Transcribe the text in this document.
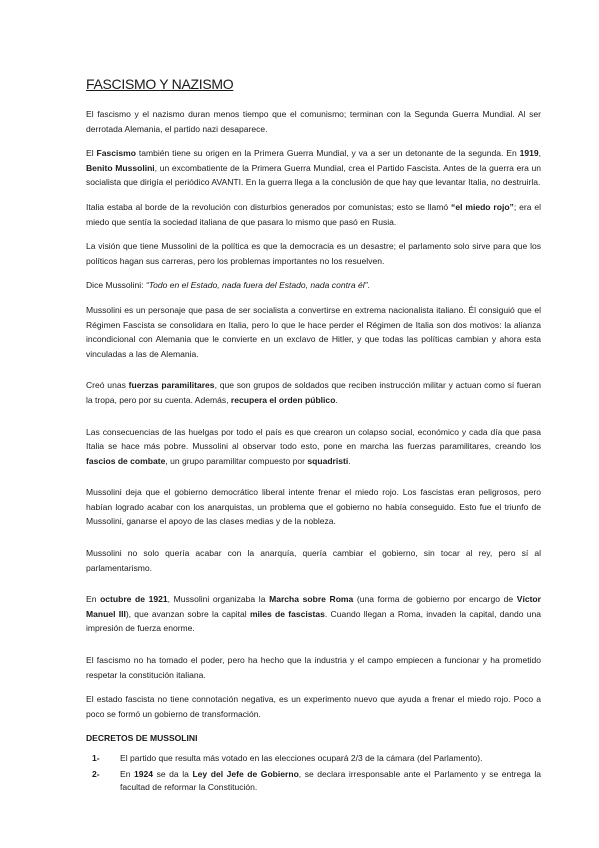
FASCISMO Y NAZISMO

El fascismo y el nazismo duran menos tiempo que el comunismo; terminan con la Segunda Guerra Mundial. Al ser derrotada Alemania, el partido nazi desaparece.

El Fascismo también tiene su origen en la Primera Guerra Mundial, y va a ser un detonante de la segunda. En 1919, Benito Mussolini, un excombatiente de la Primera Guerra Mundial, crea el Partido Fascista. Antes de la guerra era un socialista que dirigía el periódico AVANTI. En la guerra llega a la conclusión de que hay que levantar Italia, no destruirla.

Italia estaba al borde de la revolución con disturbios generados por comunistas; esto se llamó “el miedo rojo”; era el miedo que sentía la sociedad italiana de que pasara lo mismo que pasó en Rusia.

La visión que tiene Mussolini de la política es que la democracia es un desastre; el parlamento solo sirve para que los políticos hagan sus carreras, pero los problemas importantes no los resuelven.

Dice Mussolini: “Todo en el Estado, nada fuera del Estado, nada contra él”.

Mussolini es un personaje que pasa de ser socialista a convertirse en extrema nacionalista italiano. Él consiguió que el Régimen Fascista se consolidara en Italia, pero lo que le hace perder el Régimen de Italia son dos motivos: la alianza incondicional con Alemania que le convierte en un exclavo de Hitler, y que todas las políticas cambian y ahora esta vinculadas a las de Alemania.

Creó unas fuerzas paramilitares, que son grupos de soldados que reciben instrucción militar y actuan como si fueran la tropa, pero por su cuenta. Además, recupera el orden público.

Las consecuencias de las huelgas por todo el país es que crearon un colapso social, económico y cada día que pasa Italia se hace más pobre. Mussolini al observar todo esto, pone en marcha las fuerzas paramilitares, creando los fascios de combate, un grupo paramilitar compuesto por squadristi.

Mussolini deja que el gobierno democrático liberal intente frenar el miedo rojo. Los fascistas eran peligrosos, pero habían logrado acabar con los anarquistas, un problema que el gobierno no había conseguido. Esto fue el triunfo de Mussolini, ganarse el apoyo de las clases medias y de la nobleza.

Mussolini no solo quería acabar con la anarquía, quería cambiar el gobierno, sin tocar al rey, pero sí al parlamentarismo.

En octubre de 1921, Mussolini organizaba la Marcha sobre Roma (una forma de gobierno por encargo de Víctor Manuel III), que avanzan sobre la capital miles de fascistas. Cuando llegan a Roma, invaden la capital, dando una impresión de fuerza enorme.

El fascismo no ha tomado el poder, pero ha hecho que la industria y el campo empiecen a funcionar y ha prometido respetar la constitución italiana.

El estado fascista no tiene connotación negativa, es un experimento nuevo que ayuda a frenar el miedo rojo. Poco a poco se formó un gobierno de transformación.

DECRETOS DE MUSSOLINI
1- El partido que resulta más votado en las elecciones ocupará 2/3 de la cámara (del Parlamento).
2- En 1924 se da la Ley del Jefe de Gobierno, se declara irresponsable ante el Parlamento y se entrega la facultad de reformar la Constitución.
